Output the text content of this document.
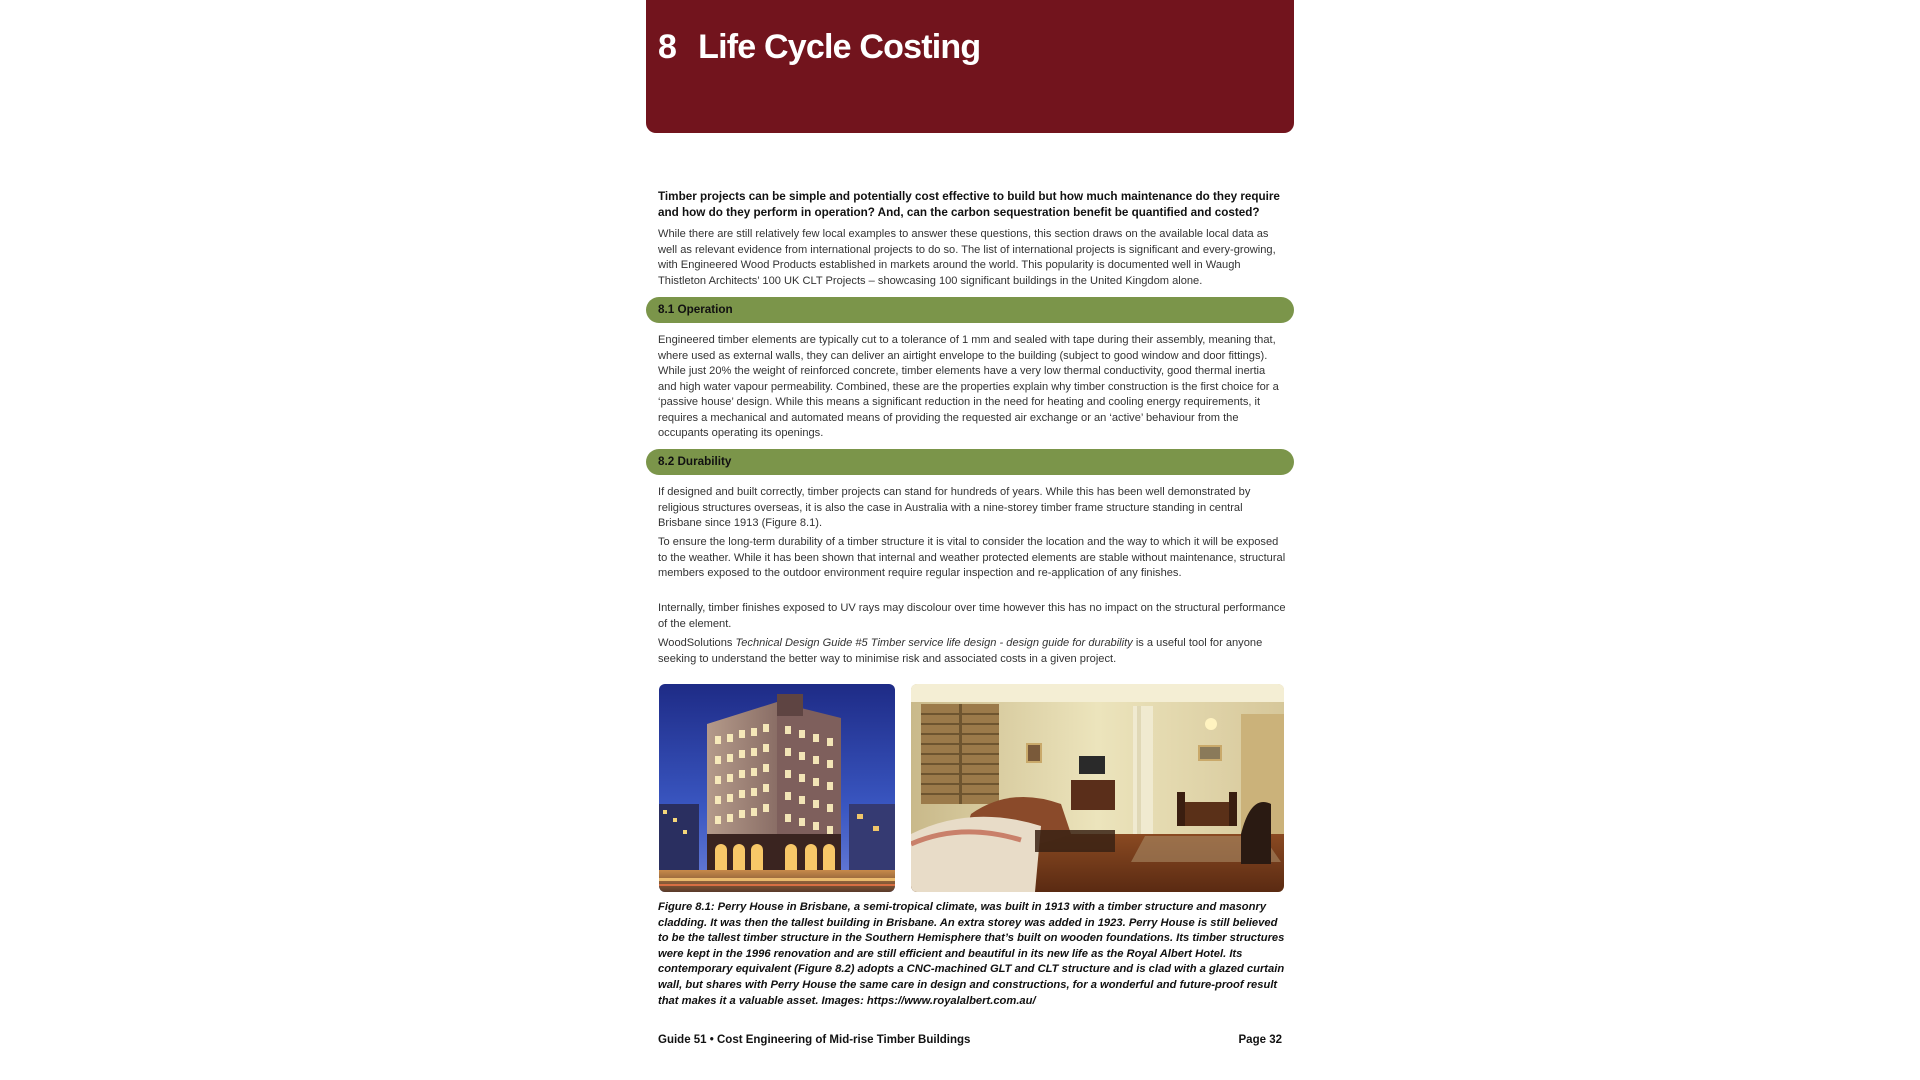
8 Life Cycle Costing
Timber projects can be simple and potentially cost effective to build but how much maintenance do they require and how do they perform in operation? And, can the carbon sequestration benefit be quantified and costed?

While there are still relatively few local examples to answer these questions, this section draws on the available local data as well as relevant evidence from international projects to do so. The list of international projects is significant and every-growing, with Engineered Wood Products established in markets around the world. This popularity is documented well in Waugh Thistleton Architects’ 100 UK CLT Projects – showcasing 100 significant buildings in the United Kingdom alone.

8.1 Operation

Engineered timber elements are typically cut to a tolerance of 1 mm and sealed with tape during their assembly, meaning that, where used as external walls, they can deliver an airtight envelope to the building (subject to good window and door fittings). While just 20% the weight of reinforced concrete, timber elements have a very low thermal conductivity, good thermal inertia and high water vapour permeability. Combined, these are the properties explain why timber construction is the first choice for a ‘passive house’ design. While this means a significant reduction in the need for heating and cooling energy requirements, it requires a mechanical and automated means of providing the requested air exchange or an ‘active’ behaviour from the occupants operating its openings.

8.2 Durability

If designed and built correctly, timber projects can stand for hundreds of years. While this has been well demonstrated by religious structures overseas, it is also the case in Australia with a nine-storey timber frame structure standing in central Brisbane since 1913 (Figure 8.1).

To ensure the long-term durability of a timber structure it is vital to consider the location and the way to which it will be exposed to the weather. While it has been shown that internal and weather protected elements are stable without maintenance, structural members exposed to the outdoor environment require regular inspection and re-application of any finishes.

Internally, timber finishes exposed to UV rays may discolour over time however this has no impact on the structural performance of the element.

WoodSolutions Technical Design Guide #5 Timber service life design - design guide for durability is a useful tool for anyone seeking to understand the better way to minimise risk and associated costs in a given project.

Figure 8.1: Perry House in Brisbane, a semi-tropical climate, was built in 1913 with a timber structure and masonry cladding. It was then the tallest building in Brisbane. An extra storey was added in 1923. Perry House is still believed to be the tallest timber structure in the Southern Hemisphere that’s built on wooden foundations. Its timber structures were kept in the 1996 renovation and are still efficient and beautiful in its new life as the Royal Albert Hotel. Its contemporary equivalent (Figure 8.2) adopts a CNC-machined GLT and CLT structure and is clad with a glazed curtain wall, but shares with Perry House the same care in design and constructions, for a wonderful and future-proof result that makes it a valuable asset. Images: https://www.royalalbert.com.au/
Guide 51 • Cost Engineering of Mid-rise Timber Buildings	Page 32
